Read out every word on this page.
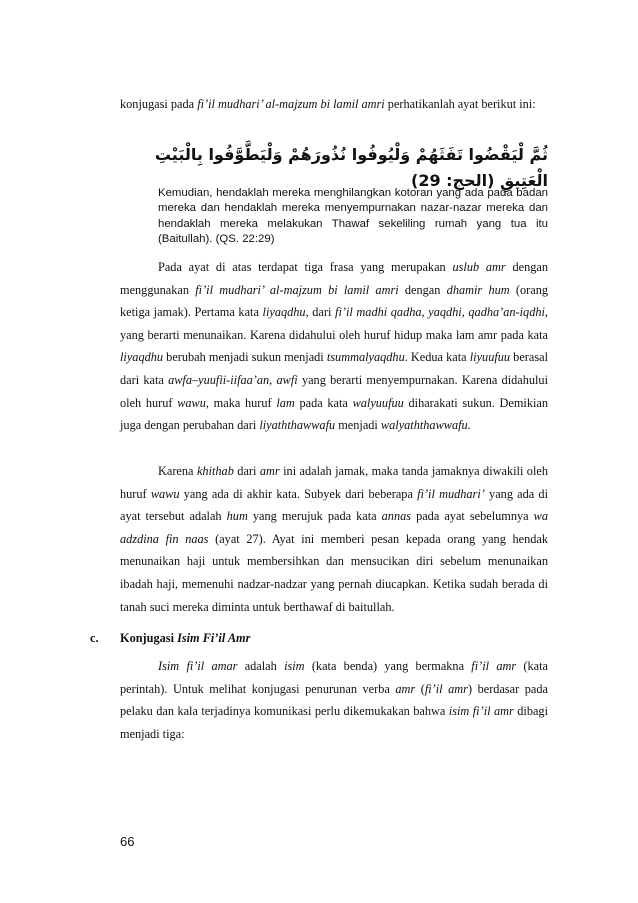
konjugasi pada fi’il mudhari’ al-majzum bi lamil amri perhatikanlah ayat berikut ini:

ثُمَّ لْيَقْضُوا تَفَثَهُمْ وَلْيُوفُوا نُذُورَهُمْ وَلْيَطَّوَّفُوا بِالْبَيْتِ الْعَتِيقِ (الحج: 29)

Kemudian, hendaklah mereka menghilangkan kotoran yang ada pada badan mereka dan hendaklah mereka menyempurnakan nazar-nazar mereka dan hendaklah mereka melakukan Thawaf sekeliling rumah yang tua itu (Baitullah). (QS. 22:29)

Pada ayat di atas terdapat tiga frasa yang merupakan uslub amr dengan menggunakan fi’il mudhari’ al-majzum bi lamil amri dengan dhamir hum (orang ketiga jamak). Pertama kata liyaqdhu, dari fi’il madhi qadha, yaqdhi, qadha’an-iqdhi, yang berarti menunaikan. Karena didahului oleh huruf hidup maka lam amr pada kata liyaqdhu berubah menjadi sukun menjadi tsummalyaqdhu. Kedua kata liyuufuu berasal dari kata awfa–yuufii-iifaa’an, awfi yang berarti menyempurnakan. Karena didahului oleh huruf wawu, maka huruf lam pada kata walyuufuu diharakati sukun. Demikian juga dengan perubahan dari liyaththawwafu menjadi walyaththawwafu.

Karena khithab dari amr ini adalah jamak, maka tanda jamaknya diwakili oleh huruf wawu yang ada di akhir kata. Subyek dari beberapa fi’il mudhari’ yang ada di ayat tersebut adalah hum yang merujuk pada kata annas pada ayat sebelumnya wa adzdina fin naas (ayat 27). Ayat ini memberi pesan kepada orang yang hendak menunaikan haji untuk membersihkan dan mensucikan diri sebelum menunaikan ibadah haji, memenuhi nadzar-nadzar yang pernah diucapkan. Ketika sudah berada di tanah suci mereka diminta untuk berthawaf di baitullah.

c. Konjugasi Isim Fi’il Amr

Isim fi’il amar adalah isim (kata benda) yang bermakna fi’il amr (kata perintah). Untuk melihat konjugasi penurunan verba amr (fi’il amr) berdasar pada pelaku dan kala terjadinya komunikasi perlu dikemukakan bahwa isim fi’il amr dibagi menjadi tiga:

66
